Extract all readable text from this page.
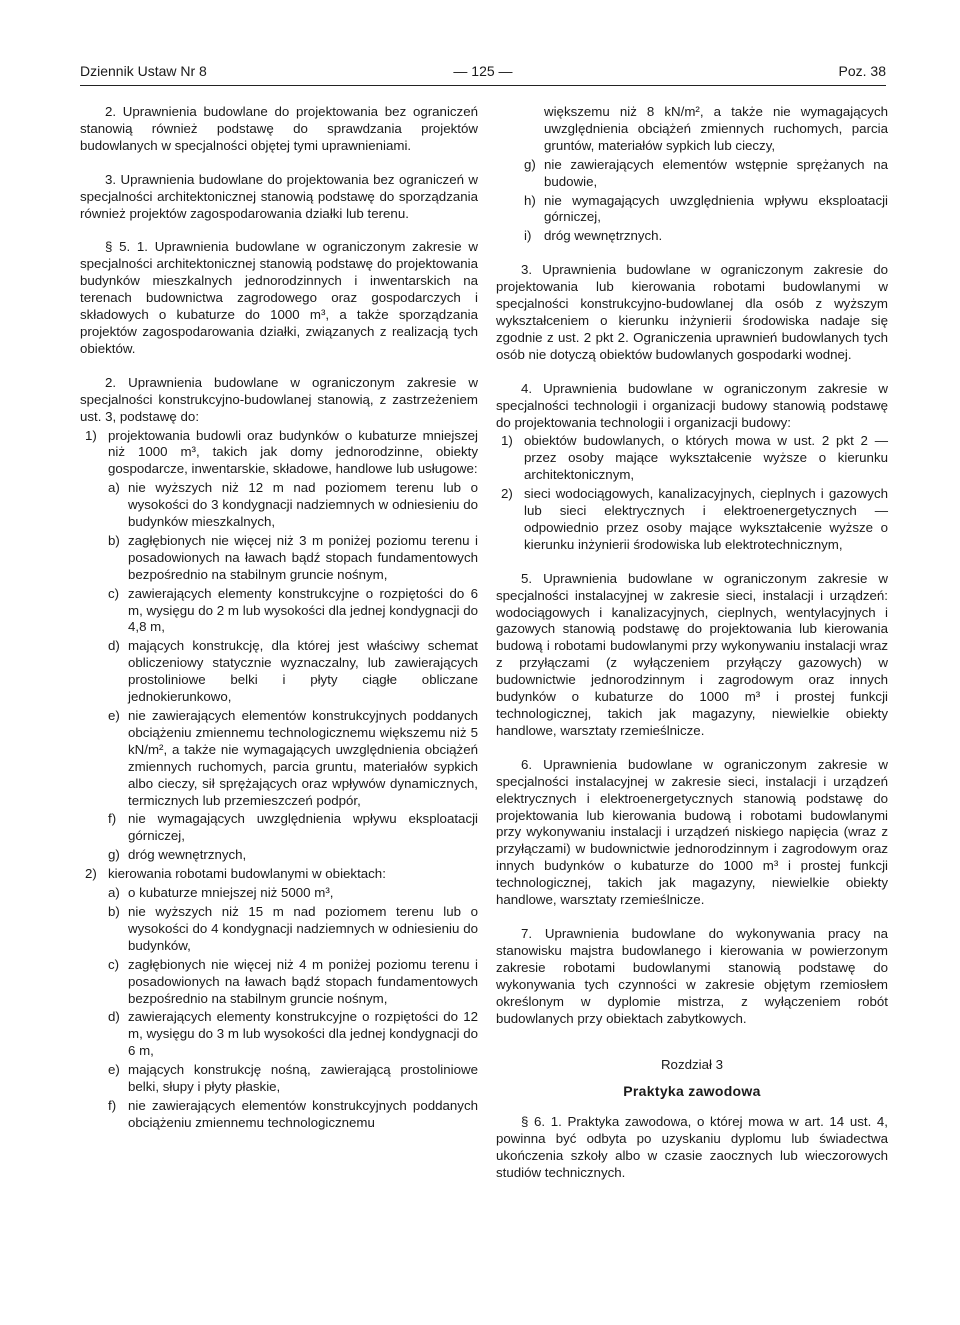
Dziennik Ustaw Nr 8	— 125 —	Poz. 38

2. Uprawnienia budowlane do projektowania bez ograniczeń stanowią również podstawę do sprawdzania projektów budowlanych w specjalności objętej tymi uprawnieniami.

3. Uprawnienia budowlane do projektowania bez ograniczeń w specjalności architektonicznej stanowią podstawę do sporządzania również projektów zagospodarowania działki lub terenu.

§ 5. 1. Uprawnienia budowlane w ograniczonym zakresie w specjalności architektonicznej stanowią podstawę do projektowania budynków mieszkalnych jednorodzinnych i inwentarskich na terenach budownictwa zagrodowego oraz gospodarczych i składowych o kubaturze do 1000 m³, a także sporządzania projektów zagospodarowania działki, związanych z realizacją tych obiektów.

2. Uprawnienia budowlane w ograniczonym zakresie w specjalności konstrukcyjno-budowlanej stanowią, z zastrzeżeniem ust. 3, podstawę do:

1) projektowania budowli oraz budynków o kubaturze mniejszej niż 1000 m³, takich jak domy jednorodzinne, obiekty gospodarcze, inwentarskie, składowe, handlowe lub usługowe:
a) nie wyższych niż 12 m nad poziomem terenu lub o wysokości do 3 kondygnacji nadziemnych w odniesieniu do budynków mieszkalnych,
b) zagłębionych nie więcej niż 3 m poniżej poziomu terenu i posadowionych na ławach bądź stopach fundamentowych bezpośrednio na stabilnym gruncie nośnym,
c) zawierających elementy konstrukcyjne o rozpiętości do 6 m, wysięgu do 2 m lub wysokości dla jednej kondygnacji do 4,8 m,
d) mających konstrukcję, dla której jest właściwy schemat obliczeniowy statycznie wyznaczalny, lub zawierających prostoliniowe belki i płyty ciągłe obliczane jednokierunkowo,
e) nie zawierających elementów konstrukcyjnych poddanych obciążeniu zmiennemu technologicznemu większemu niż 5 kN/m², a także nie wymagających uwzględnienia obciążeń zmiennych ruchomych, parcia gruntu, materiałów sypkich albo cieczy, sił sprężających oraz wpływów dynamicznych, termicznych lub przemieszczeń podpór,
f) nie wymagających uwzględnienia wpływu eksploatacji górniczej,
g) dróg wewnętrznych,
2) kierowania robotami budowlanymi w obiektach:
a) o kubaturze mniejszej niż 5000 m³,
b) nie wyższych niż 15 m nad poziomem terenu lub o wysokości do 4 kondygnacji nadziemnych w odniesieniu do budynków,
c) zagłębionych nie więcej niż 4 m poniżej poziomu terenu i posadowionych na ławach bądź stopach fundamentowych bezpośrednio na stabilnym gruncie nośnym,
d) zawierających elementy konstrukcyjne o rozpiętości do 12 m, wysięgu do 3 m lub wysokości dla jednej kondygnacji do 6 m,
e) mających konstrukcję nośną, zawierającą prostoliniowe belki, słupy i płyty płaskie,
f) nie zawierających elementów konstrukcyjnych poddanych obciążeniu zmiennemu technologicznemu

większemu niż 8 kN/m², a także nie wymagających uwzględnienia obciążeń zmiennych ruchomych, parcia gruntów, materiałów sypkich lub cieczy,

g) nie zawierających elementów wstępnie sprężanych na budowie,
h) nie wymagających uwzględnienia wpływu eksploatacji górniczej,
i) dróg wewnętrznych.

3. Uprawnienia budowlane w ograniczonym zakresie do projektowania lub kierowania robotami budowlanymi w specjalności konstrukcyjno-budowlanej dla osób z wyższym wykształceniem o kierunku inżynierii środowiska nadaje się zgodnie z ust. 2 pkt 2. Ograniczenia uprawnień budowlanych tych osób nie dotyczą obiektów budowlanych gospodarki wodnej.

4. Uprawnienia budowlane w ograniczonym zakresie w specjalności technologii i organizacji budowy stanowią podstawę do projektowania technologii i organizacji budowy:

1) obiektów budowlanych, o których mowa w ust. 2 pkt 2 — przez osoby mające wykształcenie wyższe o kierunku architektonicznym,
2) sieci wodociągowych, kanalizacyjnych, cieplnych i gazowych lub sieci elektrycznych i elektroenergetycznych — odpowiednio przez osoby mające wykształcenie wyższe o kierunku inżynierii środowiska lub elektrotechnicznym,

5. Uprawnienia budowlane w ograniczonym zakresie w specjalności instalacyjnej w zakresie sieci, instalacji i urządzeń: wodociągowych i kanalizacyjnych, cieplnych, wentylacyjnych i gazowych stanowią podstawę do projektowania lub kierowania budową i robotami budowlanymi przy wykonywaniu instalacji wraz z przyłączami (z wyłączeniem przyłączy gazowych) w budownictwie jednorodzinnym i zagrodowym oraz innych budynków o kubaturze do 1000 m³ i prostej funkcji technologicznej, takich jak magazyny, niewielkie obiekty handlowe, warsztaty rzemieślnicze.

6. Uprawnienia budowlane w ograniczonym zakresie w specjalności instalacyjnej w zakresie sieci, instalacji i urządzeń elektrycznych i elektroenergetycznych stanowią podstawę do projektowania lub kierowania budową i robotami budowlanymi przy wykonywaniu instalacji i urządzeń niskiego napięcia (wraz z przyłączami) w budownictwie jednorodzinnym i zagrodowym oraz innych budynków o kubaturze do 1000 m³ i prostej funkcji technologicznej, takich jak magazyny, niewielkie obiekty handlowe, warsztaty rzemieślnicze.

7. Uprawnienia budowlane do wykonywania pracy na stanowisku majstra budowlanego i kierowania w powierzonym zakresie robotami budowlanymi stanowią podstawę do wykonywania tych czynności w zakresie objętym rzemiosłem określonym w dyplomie mistrza, z wyłączeniem robót budowlanych przy obiektach zabytkowych.

Rozdział 3

Praktyka zawodowa

§ 6. 1. Praktyka zawodowa, o której mowa w art. 14 ust. 4, powinna być odbyta po uzyskaniu dyplomu lub świadectwa ukończenia szkoły albo w czasie zaocznych lub wieczorowych studiów technicznych.
